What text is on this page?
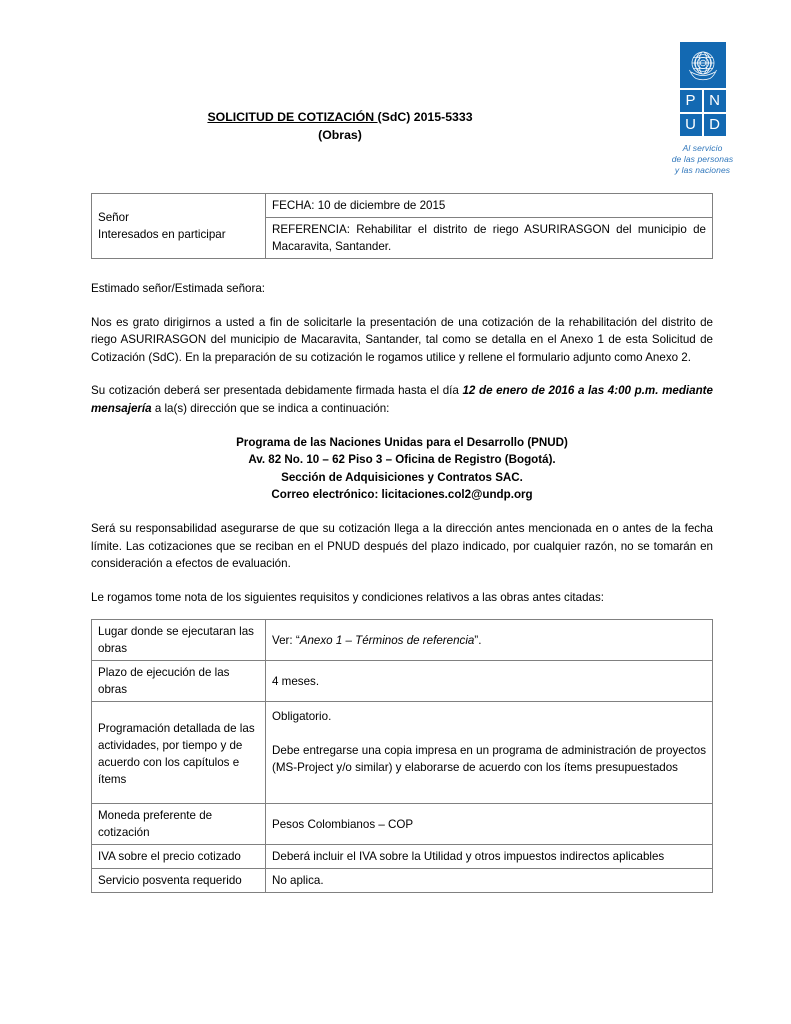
P N
U D
Al servicio
de las personas
y las naciones
SOLICITUD DE COTIZACIÓN (SdC) 2015-5333
(Obras)
Señor
Interesados en participar
	FECHA: 10 de diciembre de 2015
REFERENCIA: Rehabilitar el distrito de riego ASURIRASGON del municipio de Macaravita, Santander.

Estimado señor/Estimada señora:

Nos es grato dirigirnos a usted a fin de solicitarle la presentación de una cotización de la rehabilitación del distrito de riego ASURIRASGON del municipio de Macaravita, Santander, tal como se detalla en el Anexo 1 de esta Solicitud de Cotización (SdC). En la preparación de su cotización le rogamos utilice y rellene el formulario adjunto como Anexo 2.

Su cotización deberá ser presentada debidamente firmada hasta el día 12 de enero de 2016 a las 4:00 p.m. mediante mensajería a la(s) dirección que se indica a continuación:

Programa de las Naciones Unidas para el Desarrollo (PNUD)
Av. 82 No. 10 – 62 Piso 3 – Oficina de Registro (Bogotá).
Sección de Adquisiciones y Contratos SAC.
Correo electrónico: licitaciones.col2@undp.org

Será su responsabilidad asegurarse de que su cotización llega a la dirección antes mencionada en o antes de la fecha límite. Las cotizaciones que se reciban en el PNUD después del plazo indicado, por cualquier razón, no se tomarán en consideración a efectos de evaluación.

Le rogamos tome nota de los siguientes requisitos y condiciones relativos a las obras antes citadas:

Lugar donde se ejecutaran las obras	Ver: “Anexo 1 – Términos de referencia”.
Plazo de ejecución de las obras	4 meses.
Programación detallada de las actividades, por tiempo y de acuerdo con los capítulos e ítems	Obligatorio.
Debe entregarse una copia impresa en un programa de administración de proyectos (MS-Project y/o similar) y elaborarse de acuerdo con los ítems presupuestados

Moneda preferente de cotización	Pesos Colombianos – COP
IVA sobre el precio cotizado	Deberá incluir el IVA sobre la Utilidad y otros impuestos indirectos aplicables
Servicio posventa requerido	No aplica.
